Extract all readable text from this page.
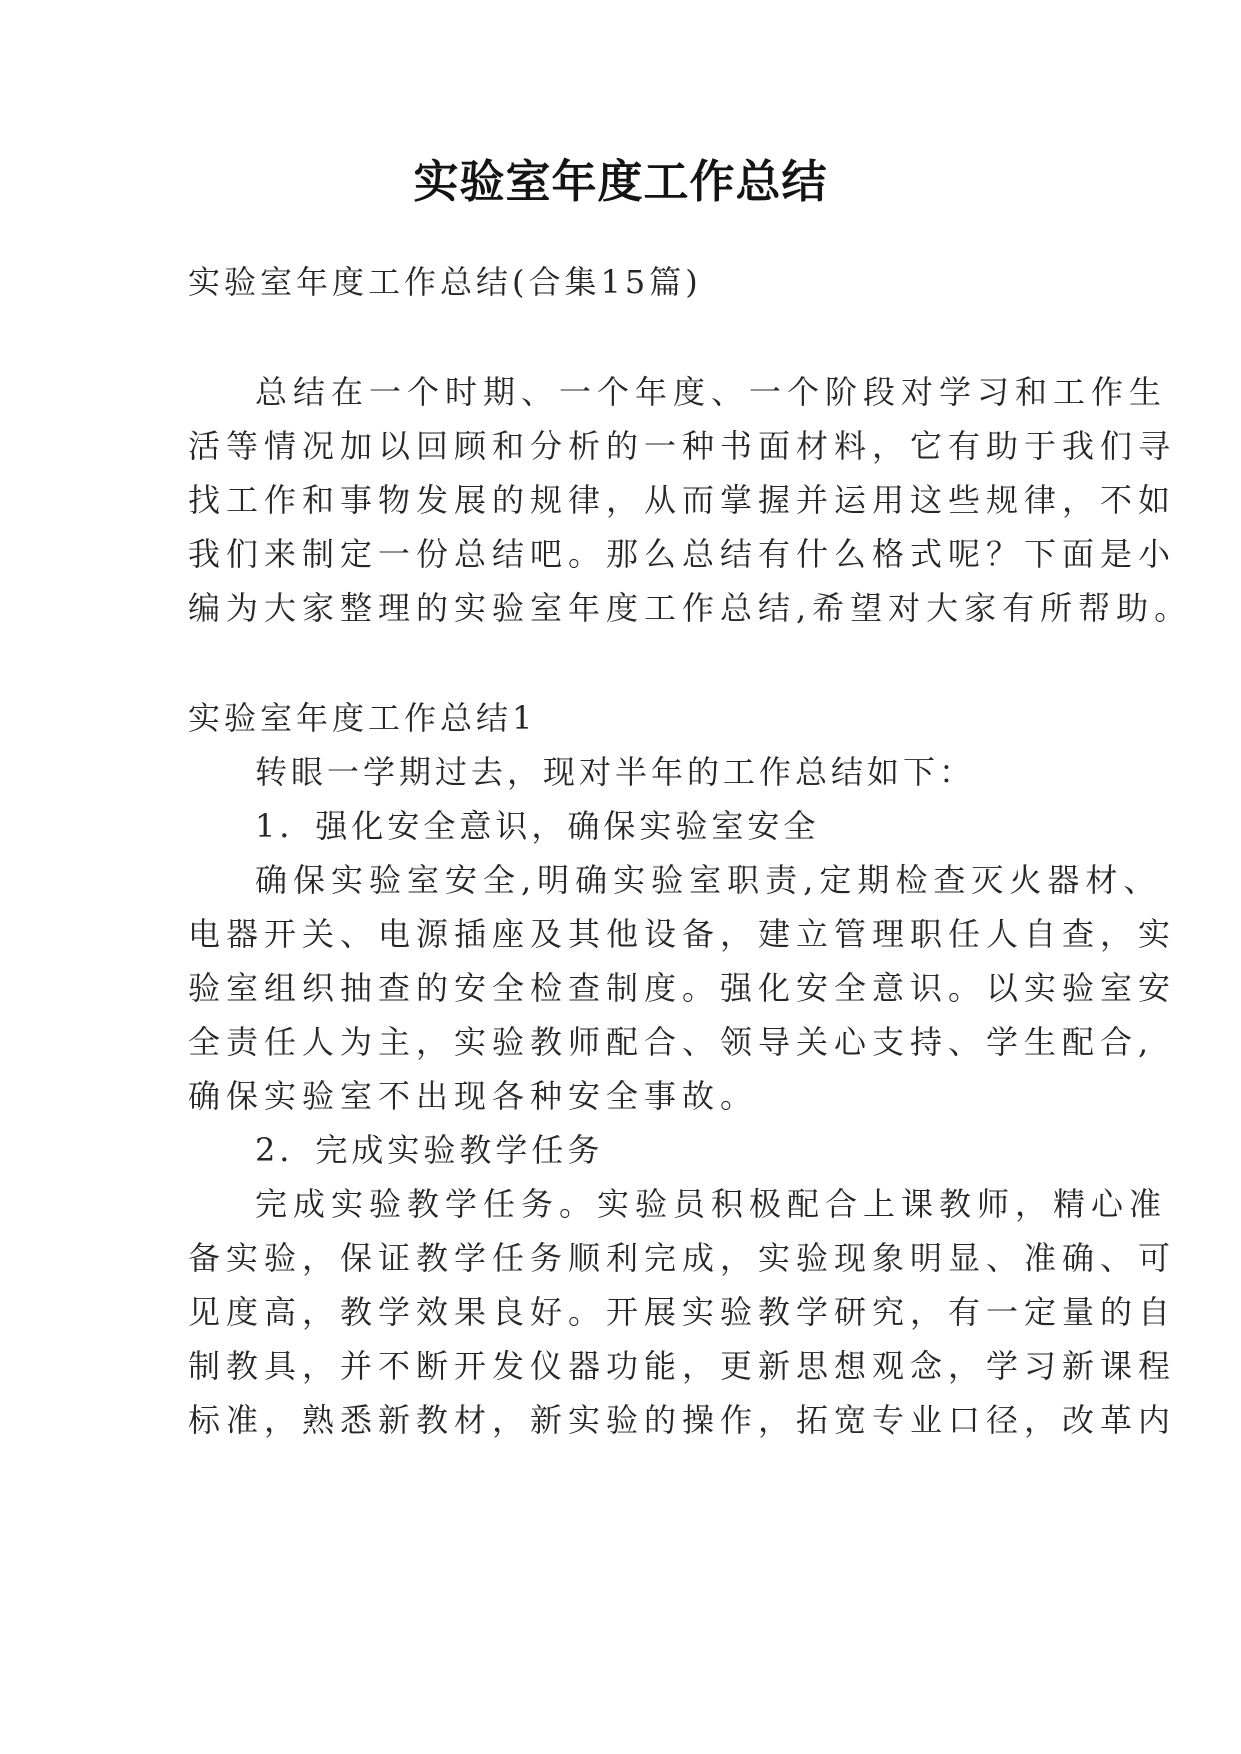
实验室年度工作总结
实验室年度工作总结(合集15篇)
总结在一个时期、一个年度、一个阶段对学习和工作生
活等情况加以回顾和分析的一种书面材料，它有助于我们寻
找工作和事物发展的规律，从而掌握并运用这些规律，不如
我们来制定一份总结吧。那么总结有什么格式呢？下面是小
编为大家整理的实验室年度工作总结,希望对大家有所帮助。
实验室年度工作总结1
转眼一学期过去，现对半年的工作总结如下：
1．强化安全意识，确保实验室安全
确保实验室安全,明确实验室职责,定期检查灭火器材、
电器开关、电源插座及其他设备，建立管理职任人自查，实
验室组织抽查的安全检查制度。强化安全意识。以实验室安
全责任人为主，实验教师配合、领导关心支持、学生配合,
确保实验室不出现各种安全事故。
2．完成实验教学任务
完成实验教学任务。实验员积极配合上课教师，精心准
备实验，保证教学任务顺利完成，实验现象明显、准确、可
见度高，教学效果良好。开展实验教学研究，有一定量的自
制教具，并不断开发仪器功能，更新思想观念，学习新课程
标准，熟悉新教材，新实验的操作，拓宽专业口径，改革内
